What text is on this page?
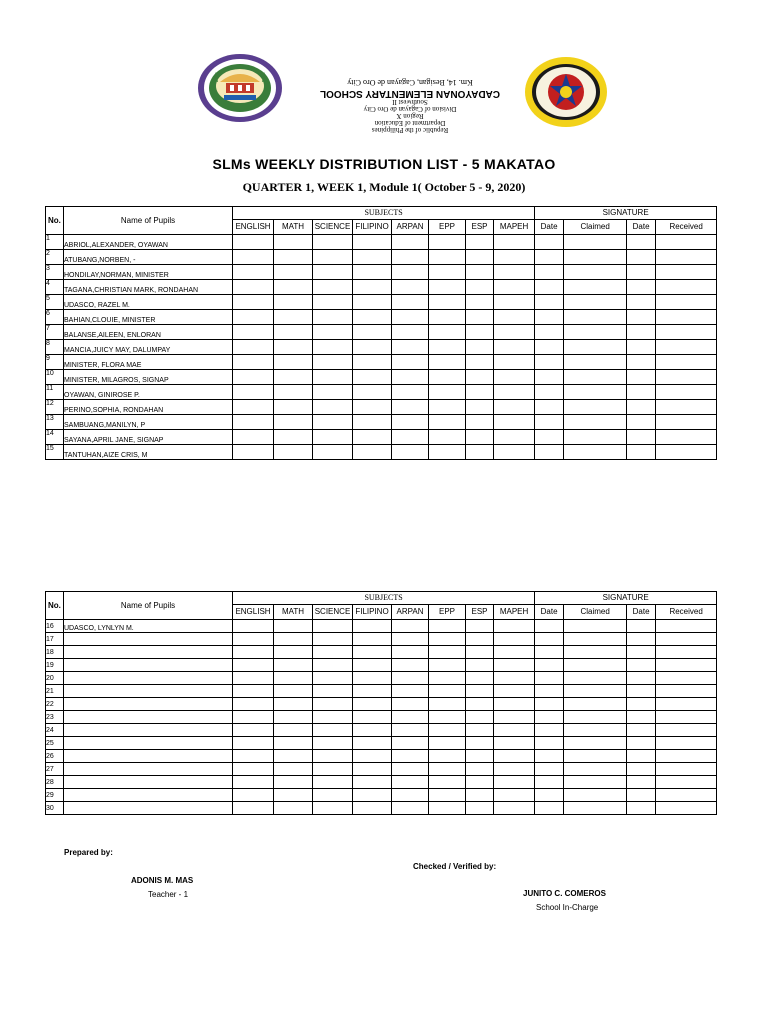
Republic of the Philippines
Department of Education
Region X
Division of Cagayan de Oro City
Southwest II
CADAYONAN ELEMENTARY SCHOOL
Km. 14, Besigan, Cagayan de Oro City
SLMs WEEKLY DISTRIBUTION LIST - 5 MAKATAO
QUARTER 1, WEEK 1, Module 1( October 5 - 9, 2020)
No.	Name of Pupils	SUBJECTS								SIGNATURE			
		ENGLISH	MATH	SCIENCE	FILIPINO	ARPAN	EPP	ESP	MAPEH	Date	Claimed	Date	Received
1	ABRIOL,ALEXANDER, OYAWAN												
2	ATUBANG,NORBEN, -												
3	HONDILAY,NORMAN, MINISTER												
4	TAGANA,CHRISTIAN MARK, RONDAHAN												
5	UDASCO, RAZEL M.												
6	BAHIAN,CLOUIE, MINISTER												
7	BALANSE,AILEEN, ENLORAN												
8	MANCIA,JUICY MAY, DALUMPAY												
9	MINISTER, FLORA MAE												
10	MINISTER, MILAGROS, SIGNAP												
11	OYAWAN, GINIROSE P.												
12	PERINO,SOPHIA, RONDAHAN												
13	SAMBUANG,MANILYN, P												
14	SAYANA,APRIL JANE, SIGNAP												
15	TANTUHAN,AIZE CRIS, M												
No.	Name of Pupils	SUBJECTS								SIGNATURE			
		ENGLISH	MATH	SCIENCE	FILIPINO	ARPAN	EPP	ESP	MAPEH	Date	Claimed	Date	Received
16	UDASCO, LYNLYN M.												
17													
18													
19													
20													
21													
22													
23													
24													
25													
26													
27													
28													
29													
30													
Prepared by:
ADONIS M. MAS
Teacher - 1
Checked / Verified by:
JUNITO C. COMEROS
School In-Charge
